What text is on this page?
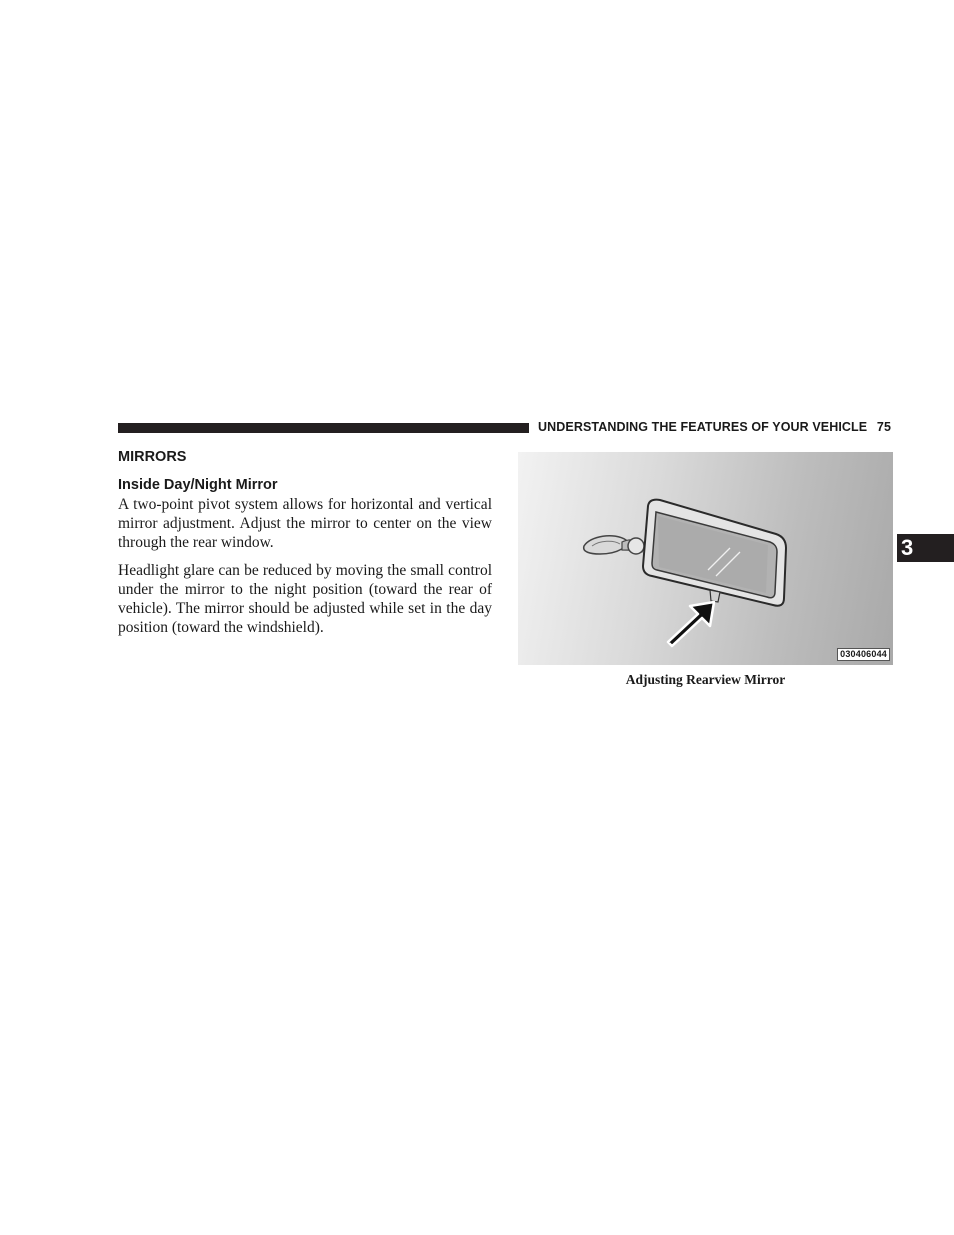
UNDERSTANDING THE FEATURES OF YOUR VEHICLE 75
3
MIRRORS
Inside Day/Night Mirror

A two-point pivot system allows for horizontal and vertical mirror adjustment. Adjust the mirror to center on the view through the rear window.

Headlight glare can be reduced by moving the small control under the mirror to the night position (toward the rear of vehicle). The mirror should be adjusted while set in the day position (toward the windshield).

030406044
Adjusting Rearview Mirror
